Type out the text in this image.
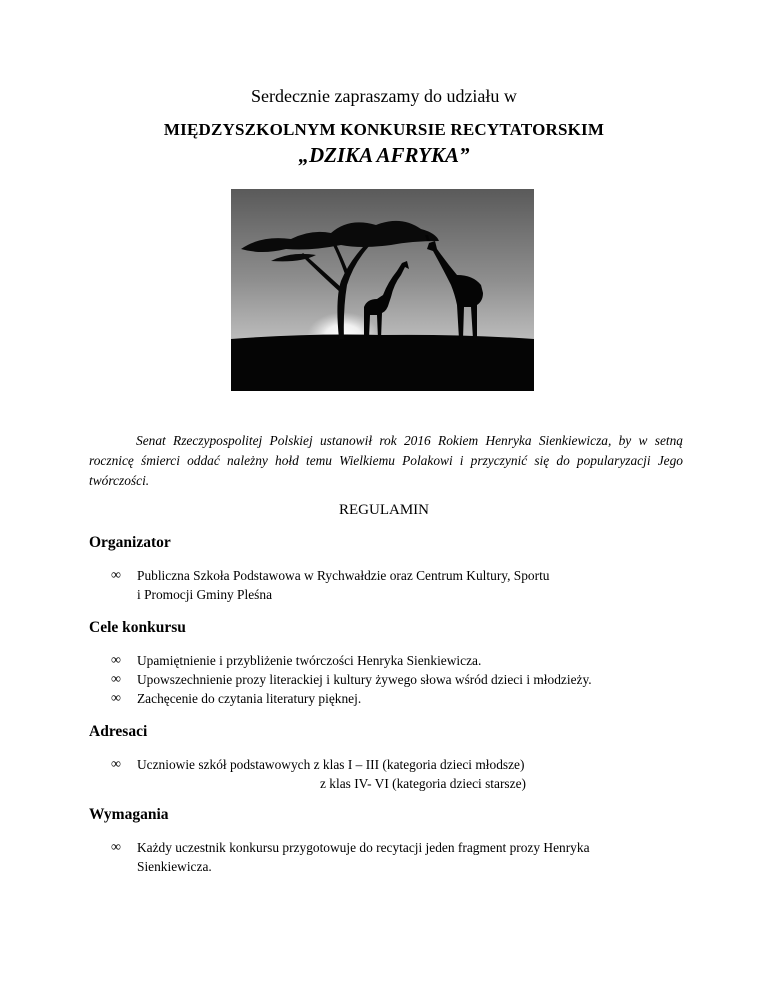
Serdecznie zapraszamy do udziału w
MIĘDZYSZKOLNYM KONKURSIE RECYTATORSKIM
„DZIKA AFRYKA”

Senat Rzeczypospolitej Polskiej ustanowił rok 2016 Rokiem Henryka Sienkiewicza, by w setną rocznicę śmierci oddać należny hołd temu Wielkiemu Polakowi i przyczynić się do popularyzacji Jego twórczości.

REGULAMIN
Organizator
∞ Publiczna Szkoła Podstawowa w Rychwałdzie oraz Centrum Kultury, Sportu
i Promocji Gminy Pleśna
Cele konkursu
∞ Upamiętnienie i przybliżenie twórczości Henryka Sienkiewicza.
∞ Upowszechnienie prozy literackiej i kultury żywego słowa wśród dzieci i młodzieży.
∞ Zachęcenie do czytania literatury pięknej.
Adresaci
∞ Uczniowie szkół podstawowych z klas I – III (kategoria dzieci młodsze)
z klas IV- VI (kategoria dzieci starsze)
Wymagania
∞ Każdy uczestnik konkursu przygotowuje do recytacji jeden fragment prozy Henryka
Sienkiewicza.
